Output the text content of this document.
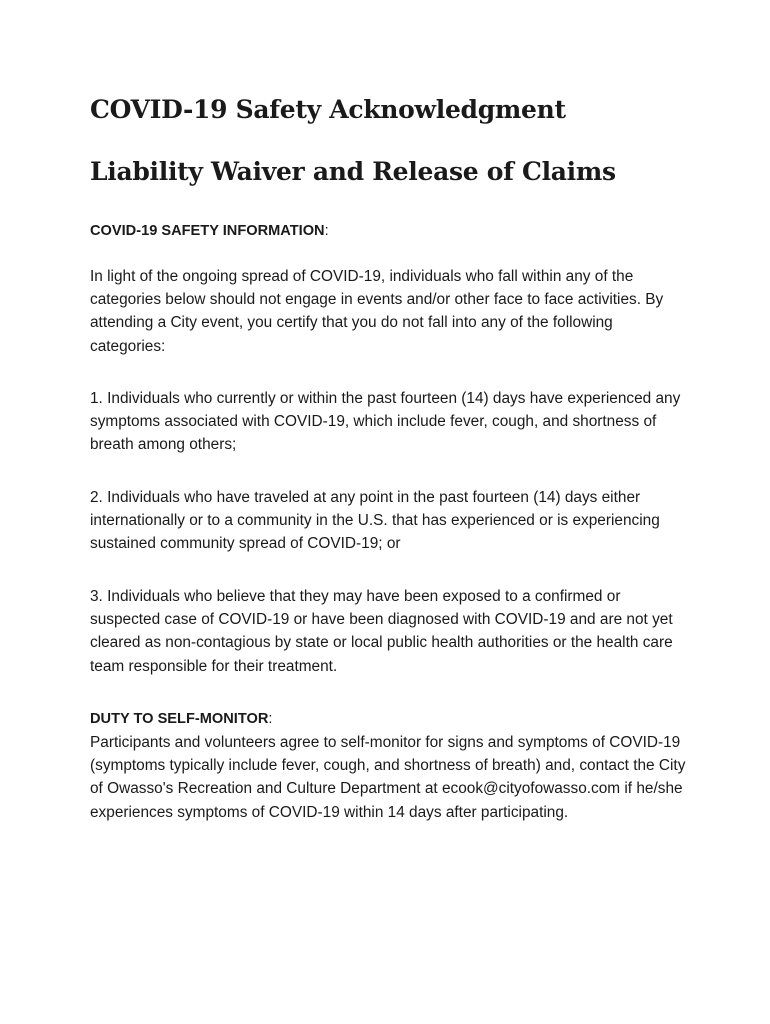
COVID-19 Safety Acknowledgment
Liability Waiver and Release of Claims
COVID-19 SAFETY INFORMATION:

In light of the ongoing spread of COVID-19, individuals who fall within any of the categories below should not engage in events and/or other face to face activities. By attending a City event, you certify that you do not fall into any of the following categories:

1. Individuals who currently or within the past fourteen (14) days have experienced any symptoms associated with COVID-19, which include fever, cough, and shortness of breath among others;

2. Individuals who have traveled at any point in the past fourteen (14) days either internationally or to a community in the U.S. that has experienced or is experiencing sustained community spread of COVID-19; or

3. Individuals who believe that they may have been exposed to a confirmed or suspected case of COVID-19 or have been diagnosed with COVID-19 and are not yet cleared as non-contagious by state or local public health authorities or the health care team responsible for their treatment.

DUTY TO SELF-MONITOR:

Participants and volunteers agree to self-monitor for signs and symptoms of COVID-19 (symptoms typically include fever, cough, and shortness of breath) and, contact the City of Owasso's Recreation and Culture Department at ecook@cityofowasso.com if he/she experiences symptoms of COVID-19 within 14 days after participating.
